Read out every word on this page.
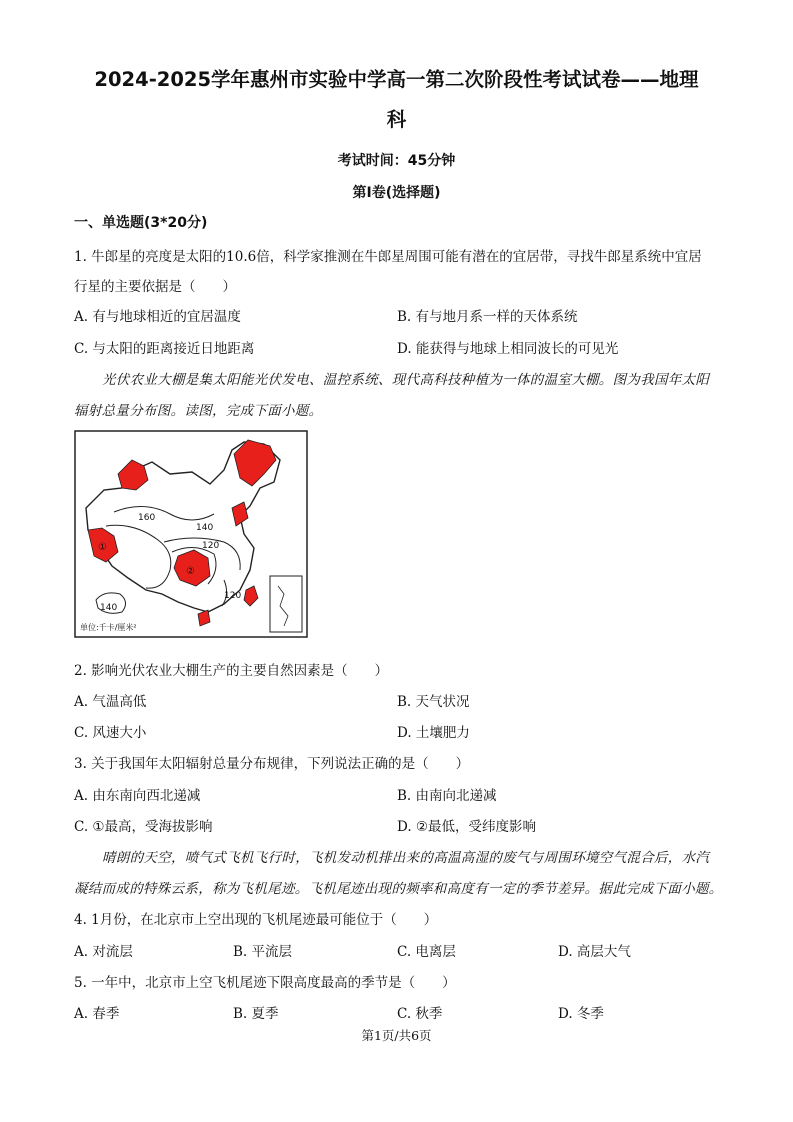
2024-2025学年惠州市实验中学高一第二次阶段性考试试卷——地理
科
考试时间：45分钟
第Ⅰ卷(选择题)
一、单选题(3*20分)
1. 牛郎星的亮度是太阳的10.6倍，科学家推测在牛郎星周围可能有潜在的宜居带，寻找牛郎星系统中宜居
行星的主要依据是（　　）
A. 有与地球相近的宜居温度	B. 有与地月系一样的天体系统
C. 与太阳的距离接近日地距离	D. 能获得与地球上相同波长的可见光
光伏农业大棚是集太阳能光伏发电、温控系统、现代高科技种植为一体的温室大棚。图为我国年太阳
辐射总量分布图。读图，完成下面小题。
160
140
120
120
140
①
②
单位:千卡/厘米²
2. 影响光伏农业大棚生产的主要自然因素是（　　）
A. 气温高低	B. 天气状况
C. 风速大小	D. 土壤肥力
3. 关于我国年太阳辐射总量分布规律，下列说法正确的是（　　）
A. 由东南向西北递减	B. 由南向北递减
C. ①最高，受海拔影响	D. ②最低，受纬度影响
晴朗的天空，喷气式飞机飞行时，飞机发动机排出来的高温高湿的废气与周围环境空气混合后，水汽
凝结而成的特殊云系，称为飞机尾迹。飞机尾迹出现的频率和高度有一定的季节差异。据此完成下面小题。
4. 1月份，在北京市上空出现的飞机尾迹最可能位于（　　）
A. 对流层	B. 平流层	C. 电离层	D. 高层大气
5. 一年中，北京市上空飞机尾迹下限高度最高的季节是（　　）
A. 春季	B. 夏季	C. 秋季	D. 冬季
第1页/共6页
